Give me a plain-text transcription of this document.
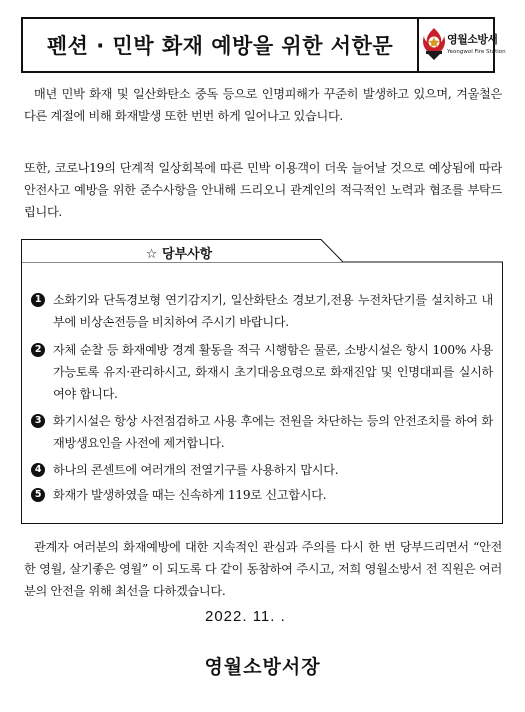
펜션 · 민박 화재 예방을 위한 서한문	영월소방서
Yeongwol Fire Station

매년 민박 화재 및 일산화탄소 중독 등으로 인명피해가 꾸준히 발생하고 있으며, 겨울철은 다른 계절에 비해 화재발생 또한 번번 하게 일어나고 있습니다.

또한, 코로나19의 단계적 일상회복에 따른 민박 이용객이 더욱 늘어날 것으로 예상됨에 따라 안전사고 예방을 위한 준수사항을 안내해 드리오니 관계인의 적극적인 노력과 협조를 부탁드립니다.

☆ 당부사항
1 소화기와 단독경보형 연기감지기, 일산화탄소 경보기,전용 누전차단기를 설치하고 내부에 비상손전등을 비치하여 주시기 바랍니다.
2 자체 순찰 등 화재예방 경계 활동을 적극 시행함은 물론, 소방시설은 항시 100% 사용가능토록 유지·관리하시고, 화재시 초기대응요령으로 화재진압 및 인명대피를 실시하여야 합니다.
3 화기시설은 항상 사전점검하고 사용 후에는 전원을 차단하는 등의 안전조치를 하여 화재방생요인을 사전에 제거합니다.
4 하나의 콘센트에 여러개의 전열기구를 사용하지 맙시다.
5 화재가 발생하였을 때는 신속하게 119로 신고합시다.

관계자 여러분의 화재예방에 대한 지속적인 관심과 주의를 다시 한 번 당부드리면서 “안전한 영월, 살기좋은 영월” 이 되도록 다 같이 동참하여 주시고, 저희 영월소방서 전 직원은 여러분의 안전을 위해 최선을 다하겠습니다.

2022. 11. .
영월소방서장
